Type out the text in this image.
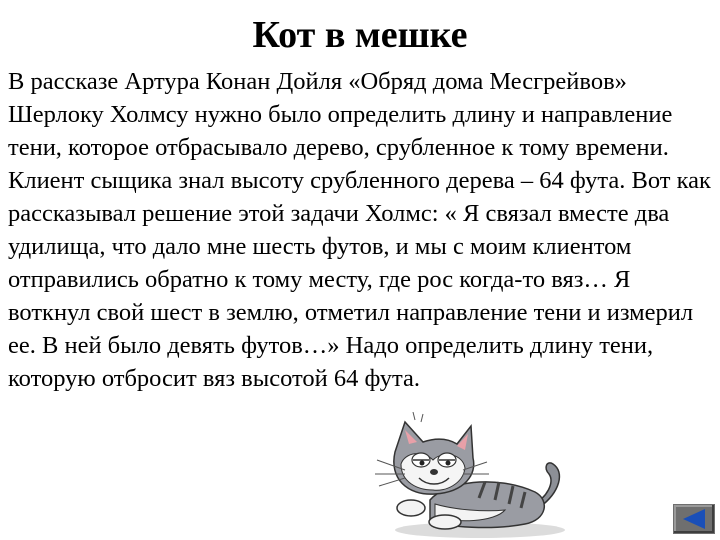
Кот в мешке

В рассказе Артура Конан Дойля «Обряд дома Месгрейвов» Шерлоку Холмсу нужно было определить длину и направление тени, которое отбрасывало дерево, срубленное к тому времени. Клиент сыщика знал высоту срубленного дерева – 64 фута. Вот как рассказывал решение этой задачи Холмс: « Я связал вместе два удилища, что дало мне шесть футов, и мы с моим клиентом отправились обратно к тому месту, где рос когда-то вяз… Я воткнул свой шест в землю, отметил направление тени и измерил ее. В ней было девять футов…» Надо определить длину тени, которую отбросит вяз высотой 64 фута.
